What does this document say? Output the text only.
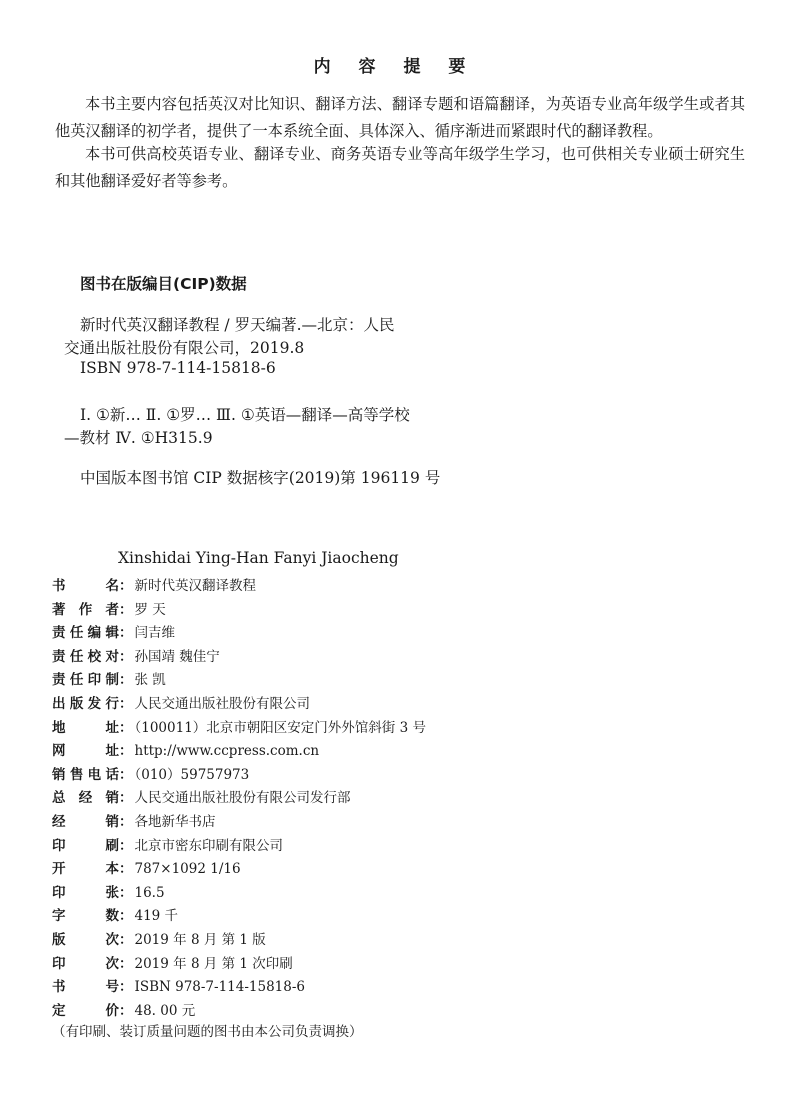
内 容 提 要
本书主要内容包括英汉对比知识、翻译方法、翻译专题和语篇翻译，为英语专业高年级学生或者其他英汉翻译的初学者，提供了一本系统全面、具体深入、循序渐进而紧跟时代的翻译教程。
本书可供高校英语专业、翻译专业、商务英语专业等高年级学生学习，也可供相关专业硕士研究生和其他翻译爱好者等参考。
图书在版编目(CIP)数据
新时代英汉翻译教程 / 罗天编著.—北京：人民
交通出版社股份有限公司，2019.8
ISBN 978-7-114-15818-6
Ⅰ. ①新… Ⅱ. ①罗… Ⅲ. ①英语—翻译—高等学校
—教材 Ⅳ. ①H315.9
中国版本图书馆 CIP 数据核字(2019)第 196119 号
Xinshidai Ying-Han Fanyi Jiaocheng
书名： 新时代英汉翻译教程
著作者： 罗 天
责任编辑： 闫吉维
责任校对： 孙国靖 魏佳宁
责任印制： 张 凯
出版发行： 人民交通出版社股份有限公司
地址： （100011）北京市朝阳区安定门外外馆斜街 3 号
网址： http://www.ccpress.com.cn
销售电话： （010）59757973
总经销： 人民交通出版社股份有限公司发行部
经销： 各地新华书店
印刷： 北京市密东印刷有限公司
开本： 787×1092 1/16
印张： 16.5
字数： 419 千
版次： 2019 年 8 月 第 1 版
印次： 2019 年 8 月 第 1 次印刷
书号： ISBN 978-7-114-15818-6
定价： 48. 00 元
（有印刷、装订质量问题的图书由本公司负责调换）
